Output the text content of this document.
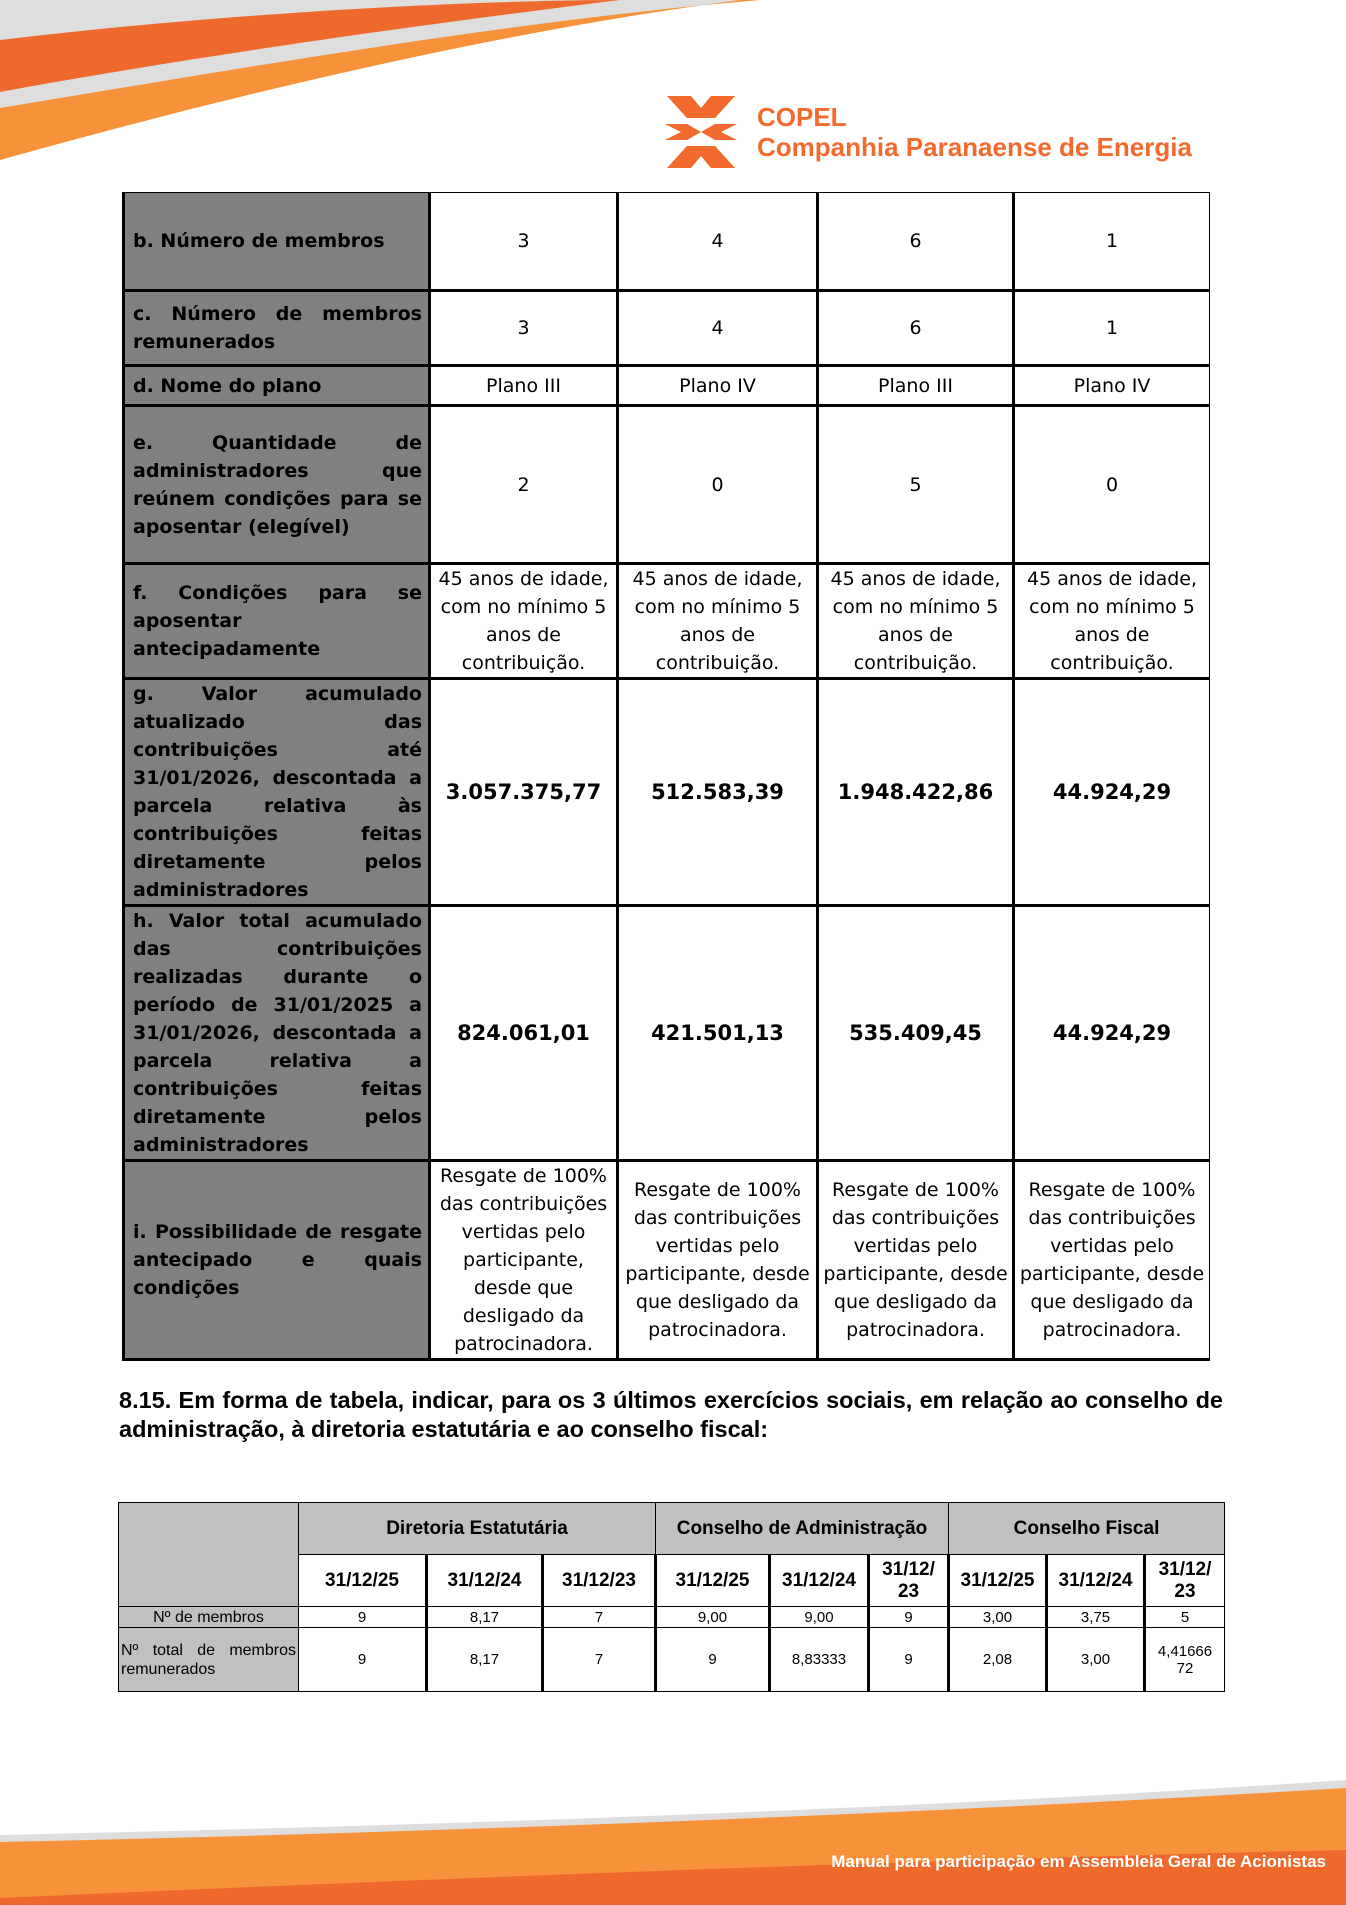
COPEL
Companhia Paranaense de Energia
b. Número de membros	3	4	6	1
c. Número de membros remunerados	3	4	6	1
d. Nome do plano	Plano III	Plano IV	Plano III	Plano IV
e. Quantidade de administradores que reúnem condições para se aposentar (elegível)	2	0	5	0
f. Condições para se aposentar antecipadamente	45 anos de idade, com no mínimo 5 anos de contribuição.	45 anos de idade, com no mínimo 5 anos de contribuição.	45 anos de idade, com no mínimo 5 anos de contribuição.	45 anos de idade, com no mínimo 5 anos de contribuição.
g. Valor acumulado atualizado das contribuições até 31/01/2026, descontada a parcela relativa às contribuições feitas diretamente pelos administradores	3.057.375,77	512.583,39	1.948.422,86	44.924,29
h. Valor total acumulado das contribuições realizadas durante o período de 31/01/2025 a 31/01/2026, descontada a parcela relativa a contribuições feitas diretamente pelos administradores	824.061,01	421.501,13	535.409,45	44.924,29
i. Possibilidade de resgate antecipado e quais condições	Resgate de 100% das contribuições vertidas pelo participante, desde que desligado da patrocinadora.	Resgate de 100% das contribuições vertidas pelo participante, desde que desligado da patrocinadora.	Resgate de 100% das contribuições vertidas pelo participante, desde que desligado da patrocinadora.	Resgate de 100% das contribuições vertidas pelo participante, desde que desligado da patrocinadora.
8.15. Em forma de tabela, indicar, para os 3 últimos exercícios sociais, em relação ao conselho de administração, à diretoria estatutária e ao conselho fiscal:
	Diretoria Estatutária			Conselho de Administração			Conselho Fiscal		
	31/12/25	31/12/24	31/12/23	31/12/25	31/12/24	31/12/ 23	31/12/25	31/12/24	31/12/ 23
Nº de membros	9	8,17	7	9,00	9,00	9	3,00	3,75	5
Nº total de membros remunerados	9	8,17	7	9	8,83333	9	2,08	3,00	4,41666 72
Manual para participação em Assembleia Geral de Acionistas
